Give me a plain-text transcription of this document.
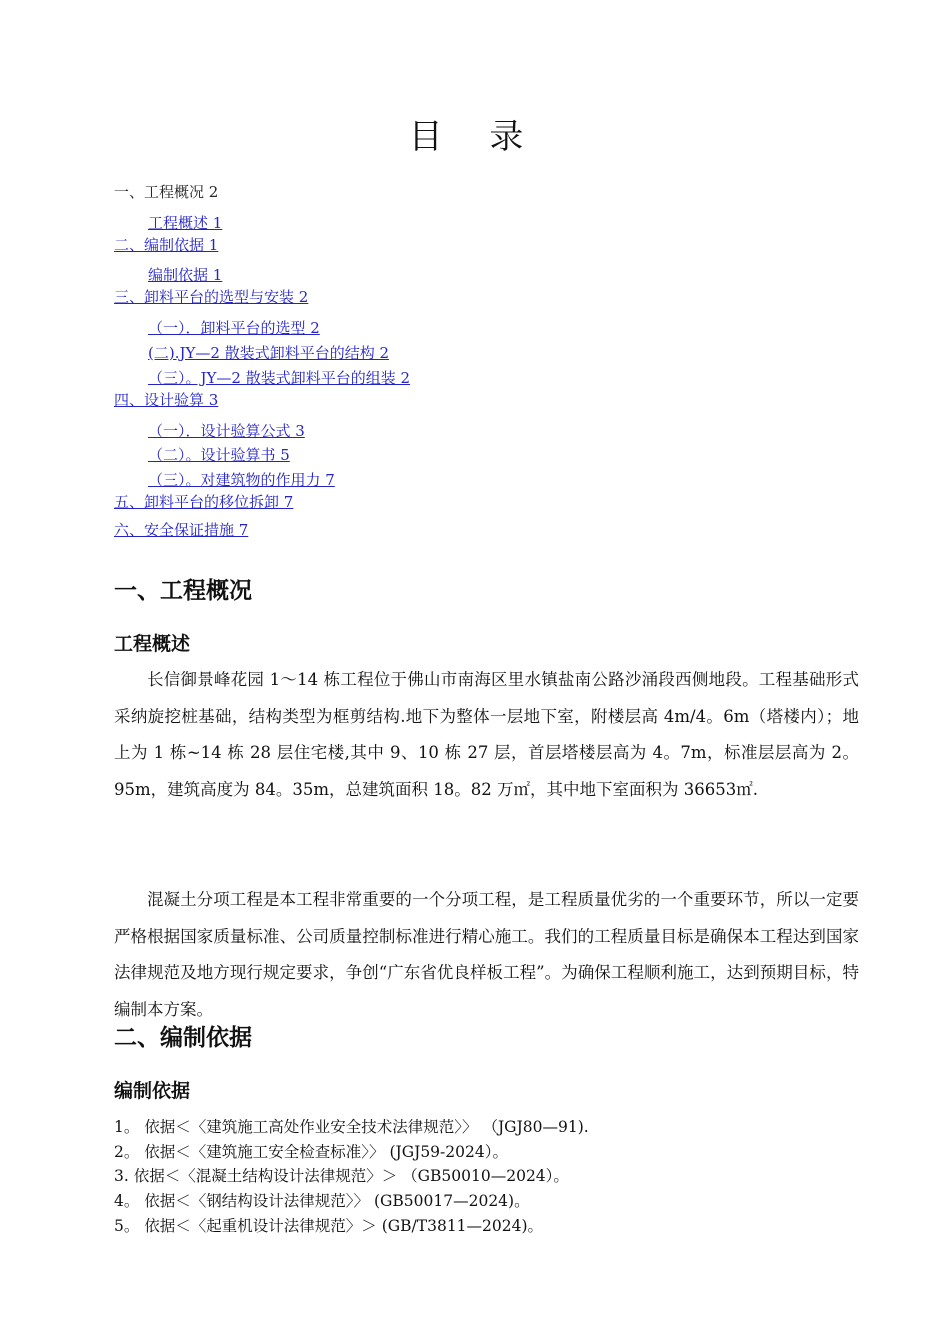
目 录
一、工程概况 2
工程概述 1
二、编制依据 1
编制依据 1
三、卸料平台的选型与安装 2
（一）．卸料平台的选型 2
(二).JY—2 散装式卸料平台的结构 2
（三）。JY—2 散装式卸料平台的组装 2
四、设计验算 3
（一）．设计验算公式 3
（二）。设计验算书 5
（三）。对建筑物的作用力 7
五、卸料平台的移位拆卸 7
六、安全保证措施 7
一、工程概况
工程概述

长信御景峰花园 1～14 栋工程位于佛山市南海区里水镇盐南公路沙涌段西侧地段。工程基础形式采纳旋挖桩基础，结构类型为框剪结构.地下为整体一层地下室，附楼层高 4m/4。6m（塔楼内）；地上为 1 栋~14 栋 28 层住宅楼,其中 9、10 栋 27 层，首层塔楼层高为 4。7m，标准层层高为 2。95m，建筑高度为 84。35m，总建筑面积 18。82 万㎡，其中地下室面积为 36653㎡.

混凝土分项工程是本工程非常重要的一个分项工程，是工程质量优劣的一个重要环节，所以一定要严格根据国家质量标准、公司质量控制标准进行精心施工。我们的工程质量目标是确保本工程达到国家法律规范及地方现行规定要求，争创“广东省优良样板工程”。为确保工程顺利施工，达到预期目标，特编制本方案。

二、编制依据
编制依据
1。 依据＜〈建筑施工高处作业安全技术法律规范〉〉 （JGJ80—91).
2。 依据＜〈建筑施工安全检查标准〉〉 (JGJ59-2024）。
3. 依据＜〈混凝土结构设计法律规范〉＞ （GB50010—2024）。
4。 依据＜〈钢结构设计法律规范〉〉 (GB50017—2024)。
5。 依据＜〈起重机设计法律规范〉＞ (GB/T3811—2024)。
